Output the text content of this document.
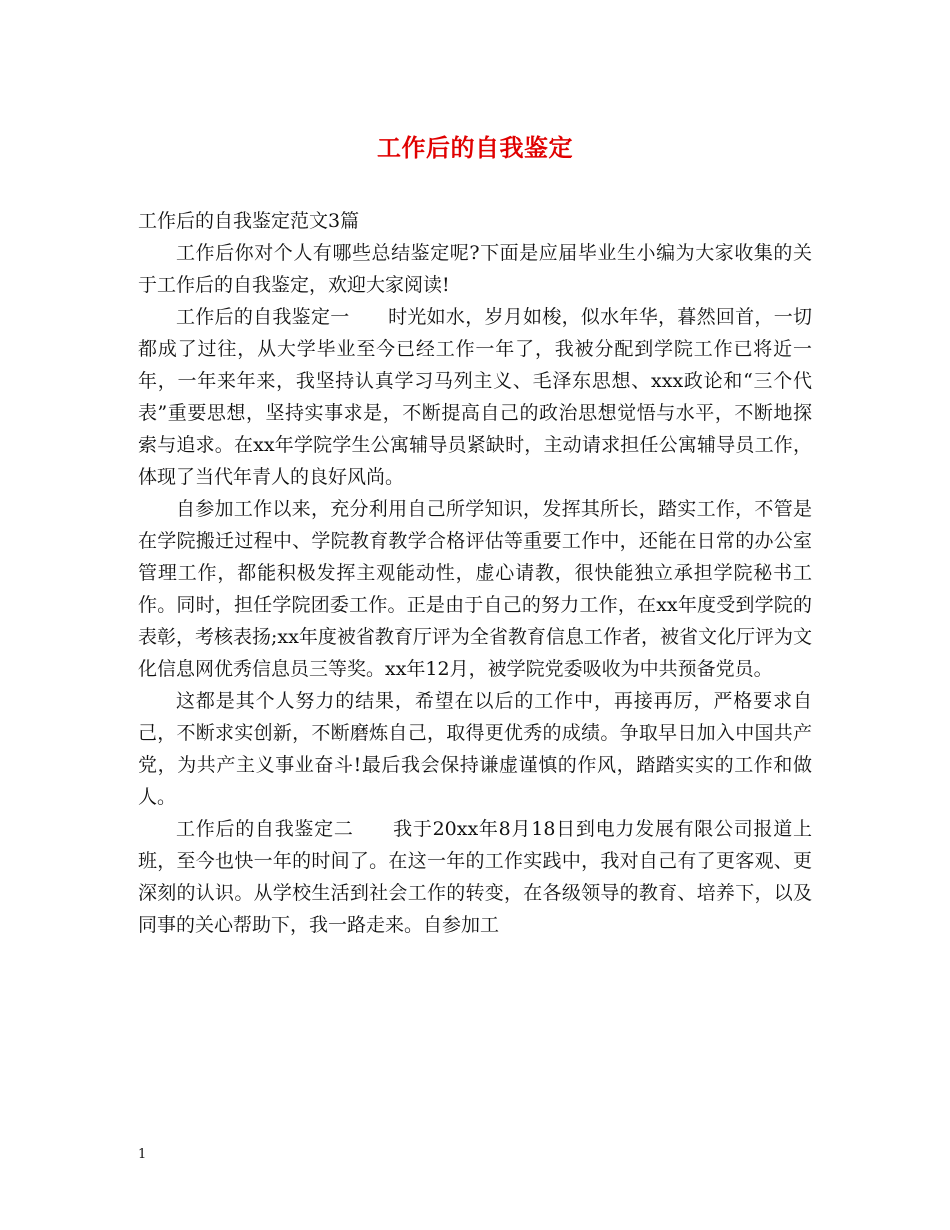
工作后的自我鉴定

工作后的自我鉴定范文3篇

工作后你对个人有哪些总结鉴定呢?下面是应届毕业生小编为大家收集的关于工作后的自我鉴定，欢迎大家阅读!

工作后的自我鉴定一　　时光如水，岁月如梭，似水年华，暮然回首，一切都成了过往，从大学毕业至今已经工作一年了，我被分配到学院工作已将近一年，一年来年来，我坚持认真学习马列主义、毛泽东思想、xxx政论和“三个代表”重要思想，坚持实事求是，不断提高自己的政治思想觉悟与水平，不断地探索与追求。在xx年学院学生公寓辅导员紧缺时，主动请求担任公寓辅导员工作，体现了当代年青人的良好风尚。

自参加工作以来，充分利用自己所学知识，发挥其所长，踏实工作，不管是在学院搬迁过程中、学院教育教学合格评估等重要工作中，还能在日常的办公室管理工作，都能积极发挥主观能动性，虚心请教，很快能独立承担学院秘书工作。同时，担任学院团委工作。正是由于自己的努力工作，在xx年度受到学院的表彰，考核表扬;xx年度被省教育厅评为全省教育信息工作者，被省文化厅评为文化信息网优秀信息员三等奖。xx年12月，被学院党委吸收为中共预备党员。

这都是其个人努力的结果，希望在以后的工作中，再接再厉，严格要求自己，不断求实创新，不断磨炼自己，取得更优秀的成绩。争取早日加入中国共产党，为共产主义事业奋斗!最后我会保持谦虚谨慎的作风，踏踏实实的工作和做人。

工作后的自我鉴定二　　我于20xx年8月18日到电力发展有限公司报道上班，至今也快一年的时间了。在这一年的工作实践中，我对自己有了更客观、更深刻的认识。从学校生活到社会工作的转变，在各级领导的教育、培养下，以及同事的关心帮助下，我一路走来。自参加工

1
